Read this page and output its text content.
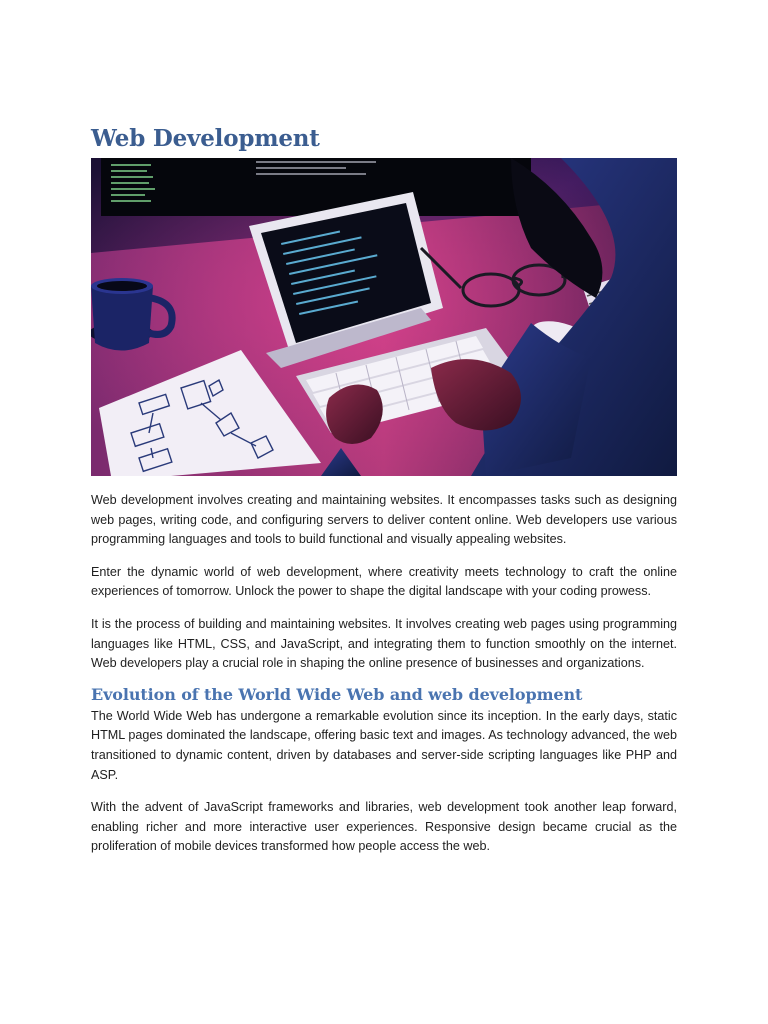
Web Development

Web development involves creating and maintaining websites. It encompasses tasks such as designing web pages, writing code, and configuring servers to deliver content online. Web developers use various programming languages and tools to build functional and visually appealing websites.

Enter the dynamic world of web development, where creativity meets technology to craft the online experiences of tomorrow. Unlock the power to shape the digital landscape with your coding prowess.

It is the process of building and maintaining websites. It involves creating web pages using programming languages like HTML, CSS, and JavaScript, and integrating them to function smoothly on the internet. Web developers play a crucial role in shaping the online presence of businesses and organizations.

Evolution of the World Wide Web and web development

The World Wide Web has undergone a remarkable evolution since its inception. In the early days, static HTML pages dominated the landscape, offering basic text and images. As technology advanced, the web transitioned to dynamic content, driven by databases and server-side scripting languages like PHP and ASP.

With the advent of JavaScript frameworks and libraries, web development took another leap forward, enabling richer and more interactive user experiences. Responsive design became crucial as the proliferation of mobile devices transformed how people access the web.
